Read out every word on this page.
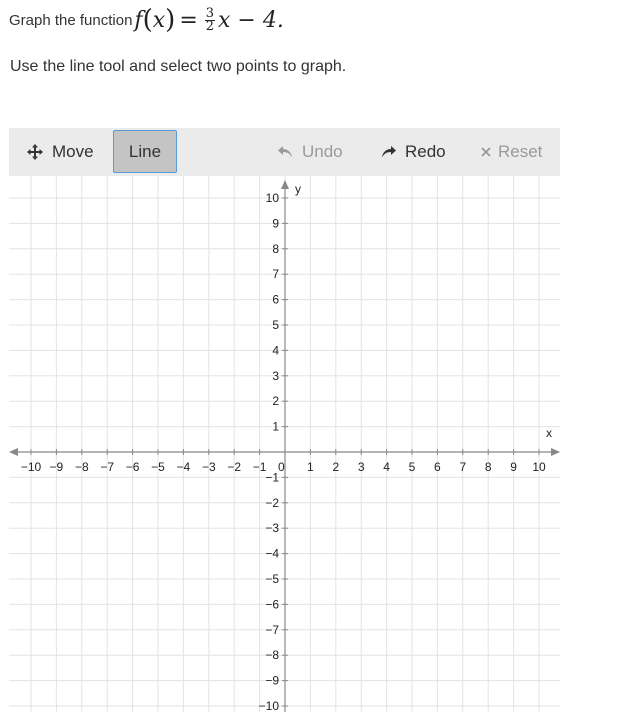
Graph the function f ( x ) = $\frac{3}{2}$ x − 4.
Use the line tool and select two points to graph.
Move Line	Undo	Redo	Reset
x
y
−10 −9 −8 −7 −6 −5 −4 −3 −2 −1	1 2 3 4 5 6 7 8 9 10
10
9
8
7
6
5
4
3
2
1
−1
−2
−3
−4
−5
−6
−7
−8
−9
−10
0
